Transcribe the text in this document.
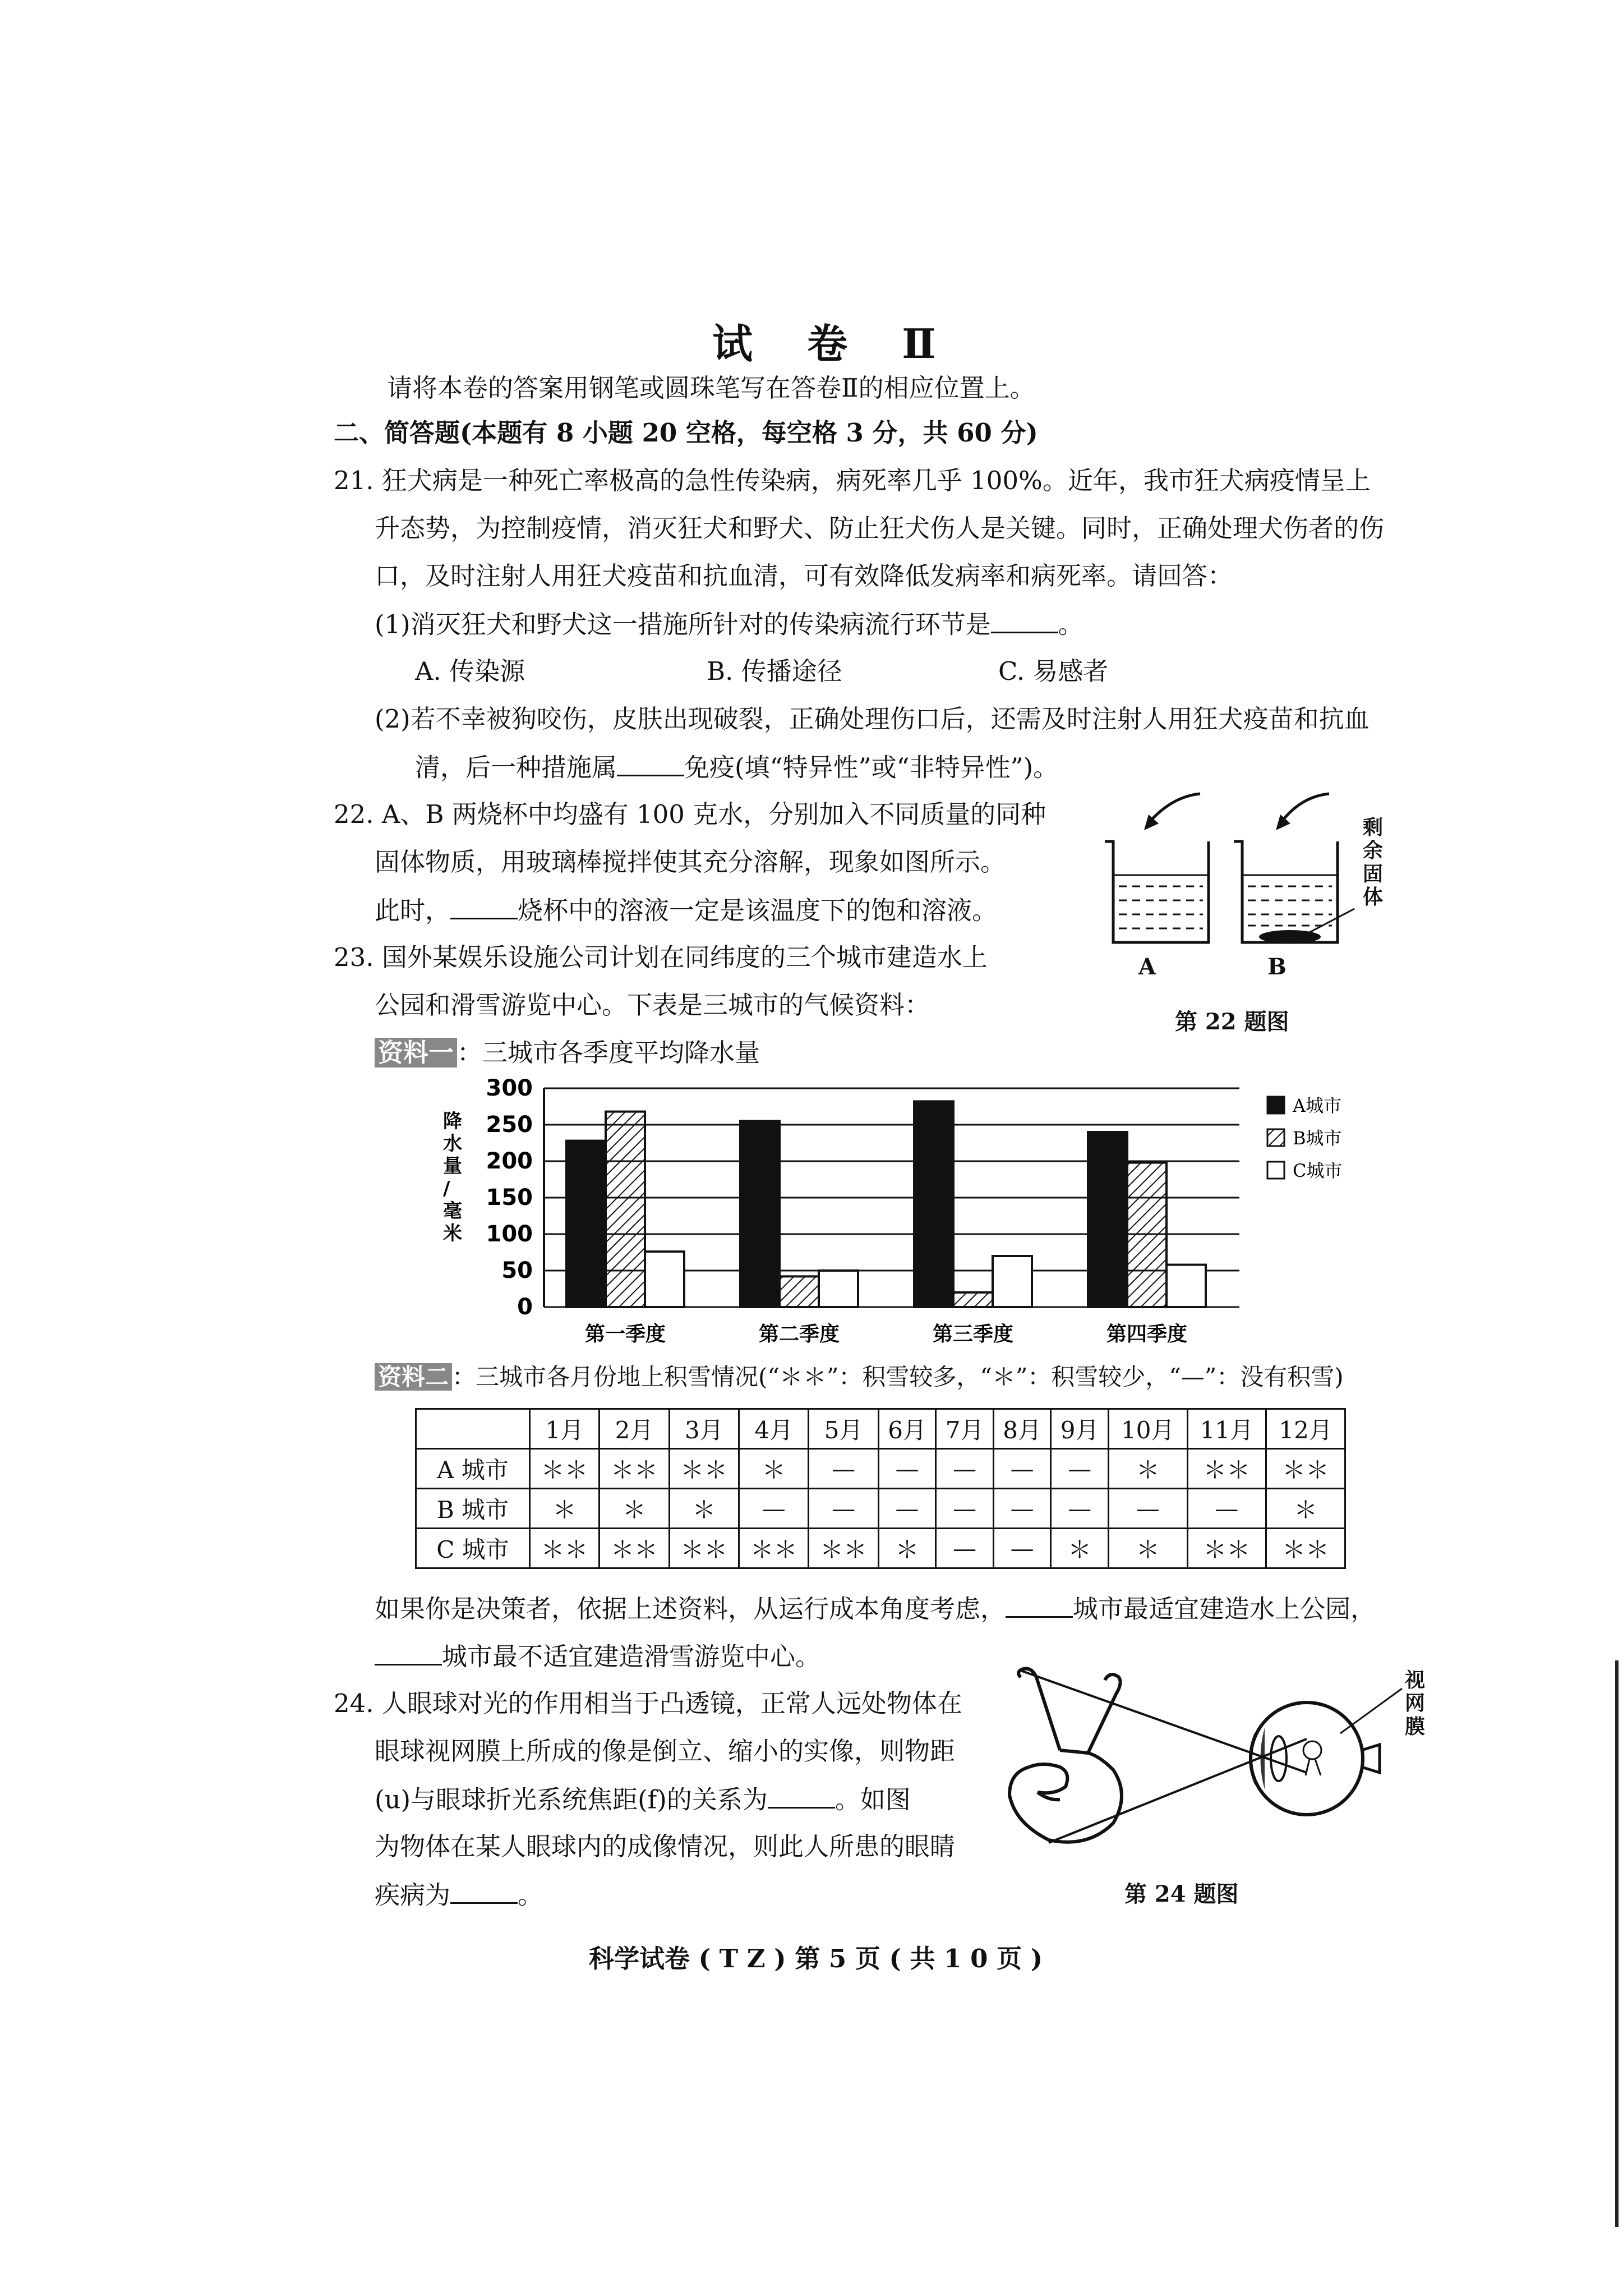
试 卷 Ⅱ
请将本卷的答案用钢笔或圆珠笔写在答卷Ⅱ的相应位置上。
二、简答题(本题有 8 小题 20 空格，每空格 3 分，共 60 分)
21. 狂犬病是一种死亡率极高的急性传染病，病死率几乎 100%。近年，我市狂犬病疫情呈上
升态势，为控制疫情，消灭狂犬和野犬、防止狂犬伤人是关键。同时，正确处理犬伤者的伤
口，及时注射人用狂犬疫苗和抗血清，可有效降低发病率和病死率。请回答：
(1)消灭狂犬和野犬这一措施所针对的传染病流行环节是	。
A. 传染源	B. 传播途径	C. 易感者
(2)若不幸被狗咬伤，皮肤出现破裂，正确处理伤口后，还需及时注射人用狂犬疫苗和抗血
清，后一种措施属	免疫(填“特异性”或“非特异性”)。
22. A、B 两烧杯中均盛有 100 克水，分别加入不同质量的同种
固体物质，用玻璃棒搅拌使其充分溶解，现象如图所示。
此时，	烧杯中的溶液一定是该温度下的饱和溶液。
A	B
剩余固体
第 22 题图
23. 国外某娱乐设施公司计划在同纬度的三个城市建造水上
公园和滑雪游览中心。下表是三城市的气候资料：
资料一 ：三城市各季度平均降水量
降水量/毫米
0
50
100
150
200
250
300
第一季度	第二季度	第三季度	第四季度
A城市
B城市
C城市
资料二 ：三城市各月份地上积雪情况(“＊＊”：积雪较多，“＊”：积雪较少，“—”：没有积雪)
	1月	2月	3月	4月	5月	6月	7月	8月	9月	10月	11月	12月
A 城市	＊＊	＊＊	＊＊	＊	—	—	—	—	—	＊	＊＊	＊＊
B 城市	＊	＊	＊	—	—	—	—	—	—	—	—	＊
C 城市	＊＊	＊＊	＊＊	＊＊	＊＊	＊	—	—	＊	＊	＊＊	＊＊
如果你是决策者，依据上述资料，从运行成本角度考虑，	城市最适宜建造水上公园，
城市最不适宜建造滑雪游览中心。
24. 人眼球对光的作用相当于凸透镜，正常人远处物体在
眼球视网膜上所成的像是倒立、缩小的实像，则物距
(u)与眼球折光系统焦距(f)的关系为	。如图
为物体在某人眼球内的成像情况，则此人所患的眼睛
疾病为	。
视网膜
第 24 题图
科学试卷 ( T Z ) 第 5 页 ( 共 1 0 页 )
